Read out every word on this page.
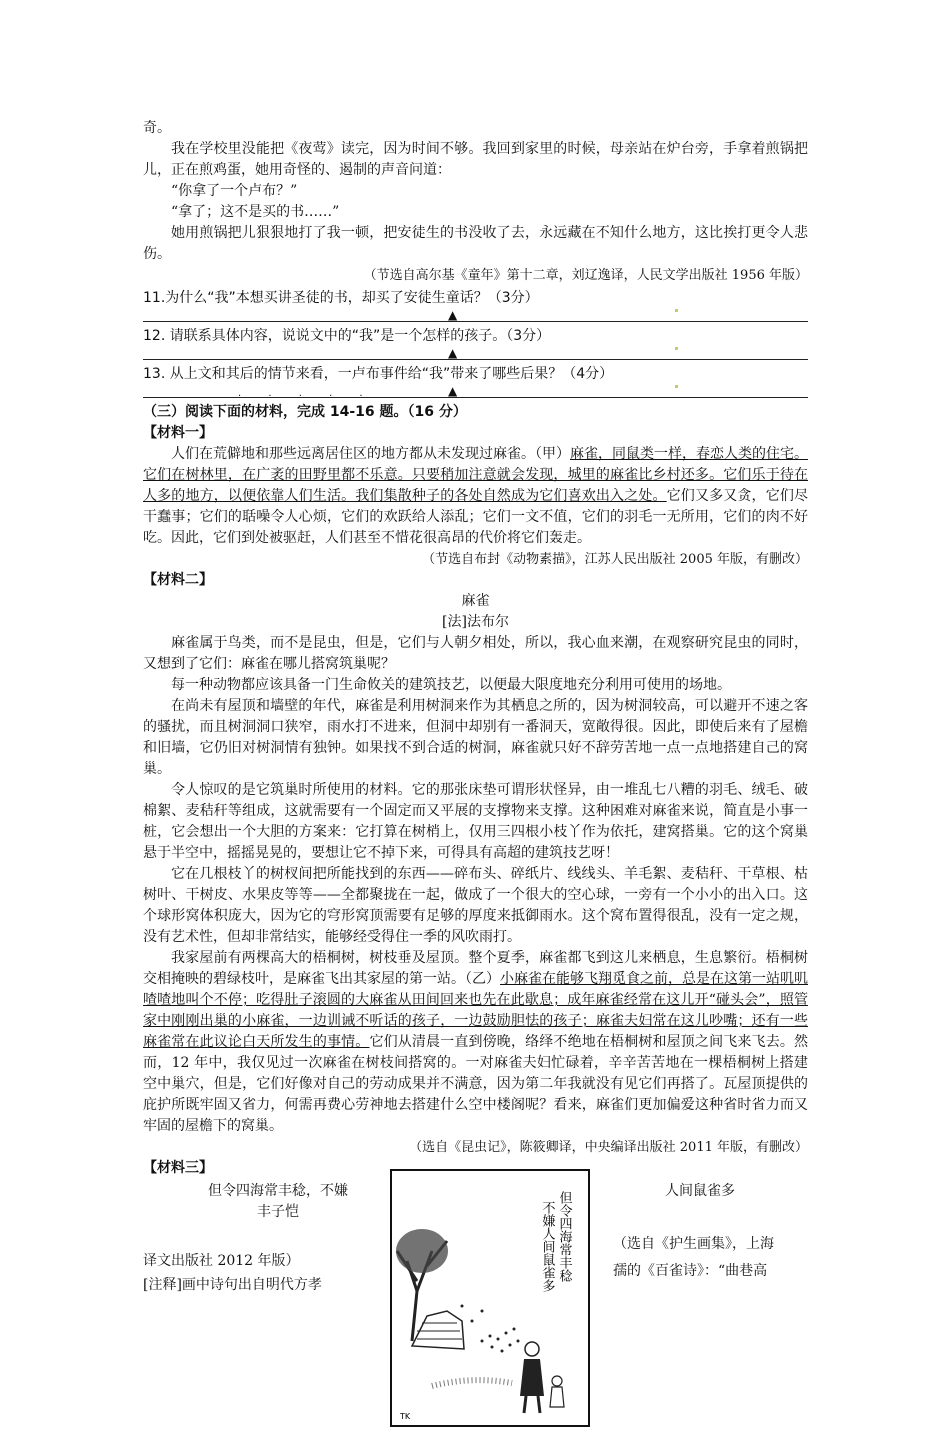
奇。

我在学校里没能把《夜莺》读完，因为时间不够。我回到家里的时候，母亲站在炉台旁，手拿着煎锅把儿，正在煎鸡蛋，她用奇怪的、遏制的声音问道：

“你拿了一个卢布？”

“拿了；这不是买的书……”

她用煎锅把儿狠狠地打了我一顿，把安徒生的书没收了去，永远藏在不知什么地方，这比挨打更令人悲伤。

（节选自高尔基《童年》第十二章，刘辽逸译，人民文学出版社 1956 年版）

11.为什么“我”本想买讲圣徒的书，却买了安徒生童话？（3分）
▲
12. 请联系具体内容，说说文中的“我”是一个怎样的孩子。（3分）
▲
13. 从上文和其后的情节来看，一卢布事件给“我”带来了哪些后果？（4分）
· · · · ·	▲

（三）阅读下面的材料，完成 14-16 题。（16 分）

【材料一】

人们在荒僻地和那些远离居住区的地方都从未发现过麻雀。（甲）麻雀，同鼠类一样，春恋人类的住宅。它们在树林里，在广袤的田野里都不乐意。只要稍加注意就会发现，城里的麻雀比乡村还多。它们乐于待在人多的地方，以便依靠人们生活。我们集散种子的各处自然成为它们喜欢出入之处。它们又多又贪，它们尽干蠢事；它们的聒噪令人心烦，它们的欢跃给人添乱；它们一文不值，它们的羽毛一无所用，它们的肉不好吃。因此，它们到处被驱赶，人们甚至不惜花很高昂的代价将它们轰走。

（节选自布封《动物素描》，江苏人民出版社 2005 年版，有删改）

【材料二】

麻雀

[法]法布尔

麻雀属于鸟类，而不是昆虫，但是，它们与人朝夕相处，所以，我心血来潮，在观察研究昆虫的同时，又想到了它们：麻雀在哪儿搭窝筑巢呢？

每一种动物都应该具备一门生命攸关的建筑技艺，以便最大限度地充分利用可使用的场地。

在尚未有屋顶和墙壁的年代，麻雀是利用树洞来作为其栖息之所的，因为树洞较高，可以避开不速之客的骚扰，而且树洞洞口狭窄，雨水打不进来，但洞中却别有一番洞天，宽敞得很。因此，即使后来有了屋檐和旧墙，它仍旧对树洞情有独钟。如果找不到合适的树洞，麻雀就只好不辞劳苦地一点一点地搭建自己的窝巢。

令人惊叹的是它筑巢时所使用的材料。它的那张床垫可谓形状怪异，由一堆乱七八糟的羽毛、绒毛、破棉絮、麦秸秆等组成，这就需要有一个固定而又平展的支撑物来支撑。这种困难对麻雀来说，简直是小事一桩，它会想出一个大胆的方案来：它打算在树梢上，仅用三四根小枝丫作为依托，建窝搭巢。它的这个窝巢悬于半空中，摇摇晃晃的，要想让它不掉下来，可得具有高超的建筑技艺呀！

它在几根枝丫的树杈间把所能找到的东西——碎布头、碎纸片、线线头、羊毛絮、麦秸秆、干草根、枯树叶、干树皮、水果皮等等——全都聚拢在一起，做成了一个很大的空心球，一旁有一个小小的出入口。这个球形窝体积庞大，因为它的穹形窝顶需要有足够的厚度来抵御雨水。这个窝布置得很乱，没有一定之规，没有艺术性，但却非常结实，能够经受得住一季的风吹雨打。

我家屋前有两棵高大的梧桐树，树枝垂及屋顶。整个夏季，麻雀都飞到这儿来栖息，生息繁衍。梧桐树交相掩映的碧绿枝叶，是麻雀飞出其家屋的第一站。（乙）小麻雀在能够飞翔觅食之前，总是在这第一站叽叽喳喳地叫个不停；吃得肚子滚圆的大麻雀从田间回来也先在此歇息；成年麻雀经常在这儿开“碰头会”，照管家中刚刚出巢的小麻雀，一边训诫不听话的孩子，一边鼓励胆怯的孩子；麻雀夫妇常在这儿吵嘴；还有一些麻雀常在此议论白天所发生的事情。它们从清晨一直到傍晚，络绎不绝地在梧桐树和屋顶之间飞来飞去。然而，12 年中，我仅见过一次麻雀在树枝间搭窝的。一对麻雀夫妇忙碌着，辛辛苦苦地在一棵梧桐树上搭建空中巢穴，但是，它们好像对自己的劳动成果并不满意，因为第二年我就没有见它们再搭了。瓦屋顶提供的庇护所既牢固又省力，何需再费心劳神地去搭建什么空中楼阁呢？看来，麻雀们更加偏爱这种省时省力而又牢固的屋檐下的窝巢。

（选自《昆虫记》，陈筱卿译，中央编译出版社 2011 年版，有删改）

【材料三】

但令四海常丰稔，不嫌
丰子恺
人间鼠雀多
（选自《护生画集》，上海
孺的《百雀诗》：“曲巷高
译文出版社 2012 年版）
[注释]画中诗句出自明代方孝
但令四海常丰稔
不嫌人间鼠雀多
TK
